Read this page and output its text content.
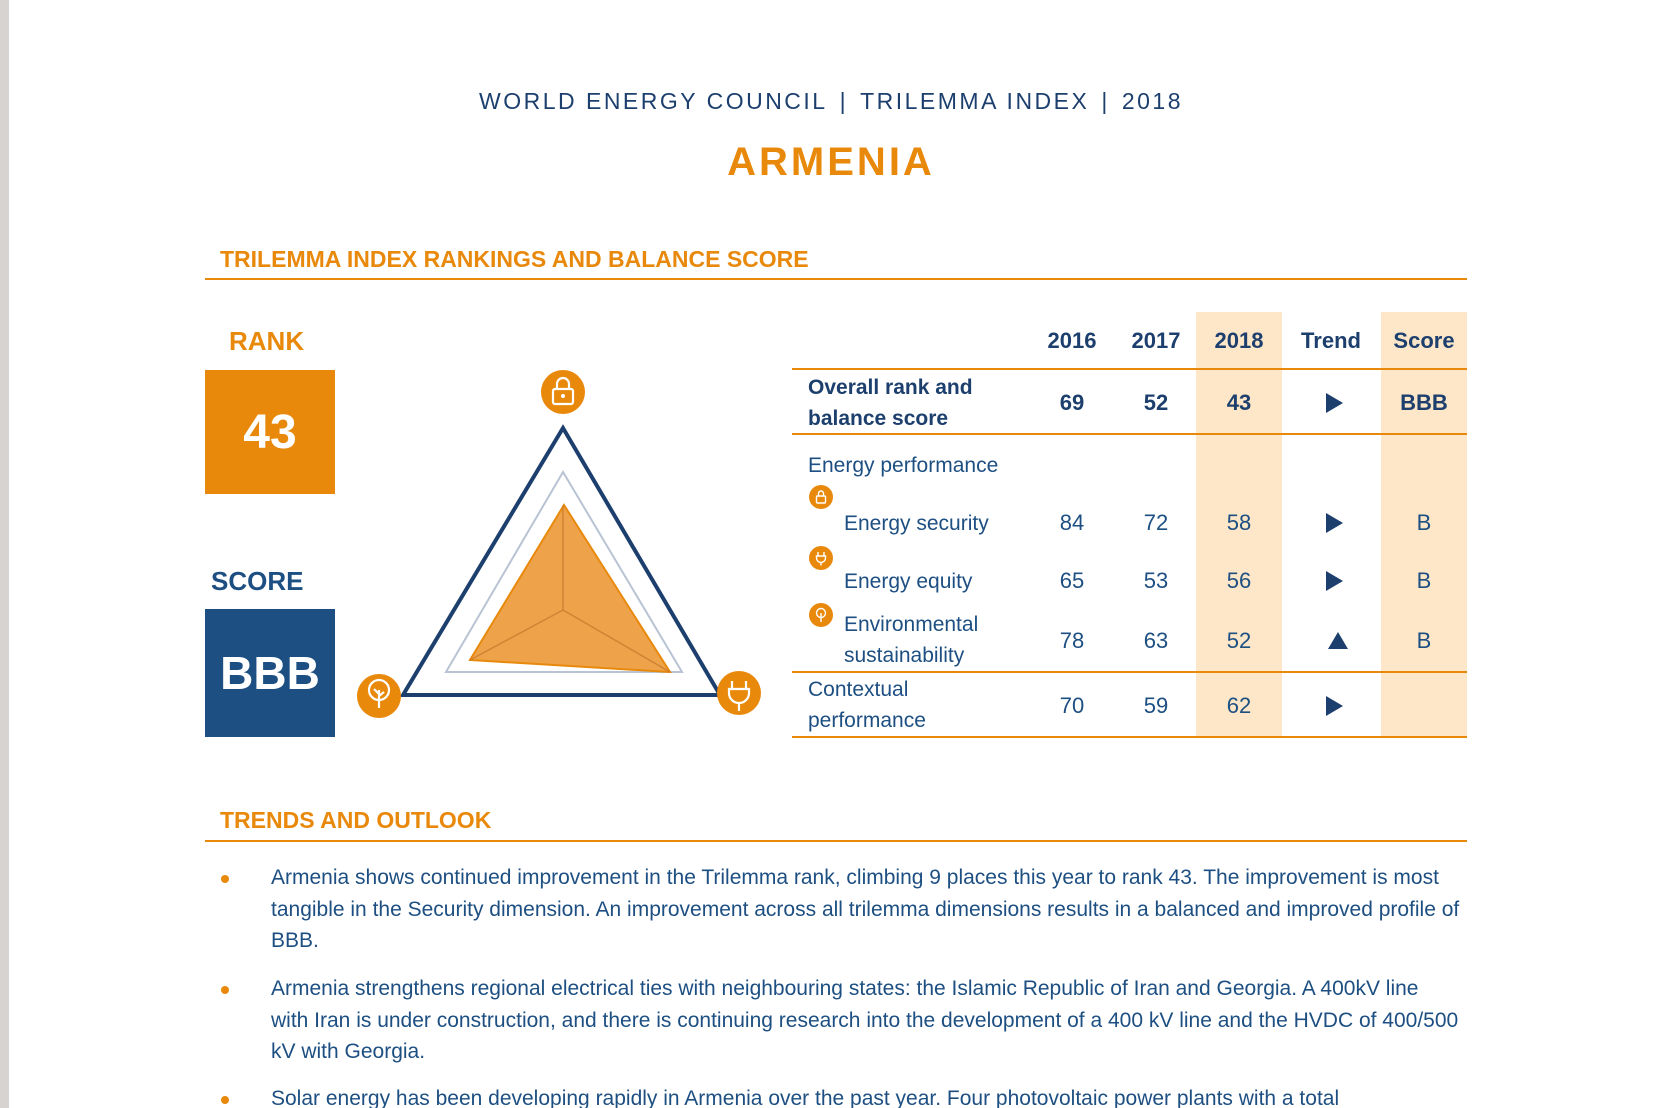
WORLD ENERGY COUNCIL | TRILEMMA INDEX | 2018
ARMENIA
TRILEMMA INDEX RANKINGS AND BALANCE SCORE
RANK
43
SCORE
BBB
2016	2017	2018	Trend	Score
Overall rank and
balance score
69	52	43	BBB
Energy performance
Energy security	84	72	58	B
Energy equity	65	53	56	B
Environmental
sustainability
78	63	52	B
Contextual
performance
70	59	62
TRENDS AND OUTLOOK
Armenia shows continued improvement in the Trilemma rank, climbing 9 places this year to rank 43. The improvement is most tangible in the Security dimension. An improvement across all trilemma dimensions results in a balanced and improved profile of BBB.
Armenia strengthens regional electrical ties with neighbouring states: the Islamic Republic of Iran and Georgia. A 400kV line with Iran is under construction, and there is continuing research into the development of a 400 kV line and the HVDC of 400/500 kV with Georgia.
Solar energy has been developing rapidly in Armenia over the past year. Four photovoltaic power plants with a total
